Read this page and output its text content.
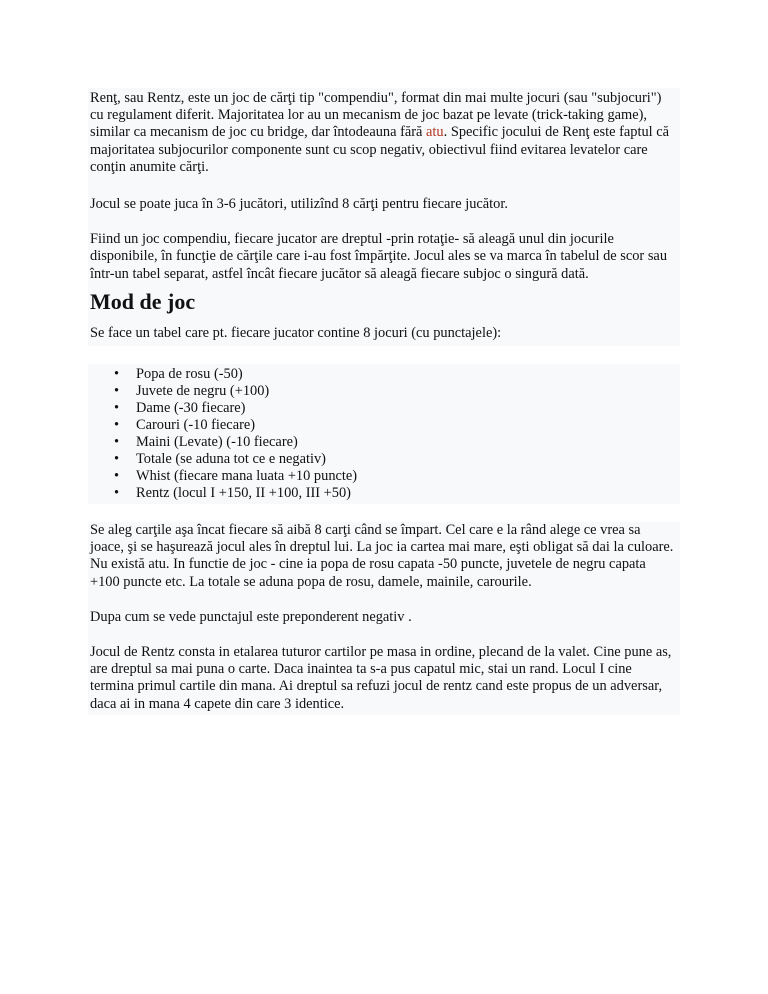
Renţ, sau Rentz, este un joc de cărţi tip "compendiu", format din mai multe jocuri (sau "subjocuri") cu regulament diferit. Majoritatea lor au un mecanism de joc bazat pe levate (trick-taking game), similar ca mecanism de joc cu bridge, dar întodeauna fără atu. Specific jocului de Renţ este faptul că majoritatea subjocurilor componente sunt cu scop negativ, obiectivul fiind evitarea levatelor care conţin anumite cărţi.

Jocul se poate juca în 3-6 jucători, utilizînd 8 cărţi pentru fiecare jucător.

Fiind un joc compendiu, fiecare jucator are dreptul -prin rotaţie- să aleagă unul din jocurile disponibile, în funcţie de cărţile care i-au fost împărţite. Jocul ales se va marca în tabelul de scor sau într-un tabel separat, astfel încât fiecare jucător să aleagă fiecare subjoc o singură dată.

Mod de joc

Se face un tabel care pt. fiecare jucator contine 8 jocuri (cu punctajele):

• Popa de rosu (-50)
• Juvete de negru (+100)
• Dame (-30 fiecare)
• Carouri (-10 fiecare)
• Maini (Levate) (-10 fiecare)
• Totale (se aduna tot ce e negativ)
• Whist (fiecare mana luata +10 puncte)
• Rentz (locul I +150, II +100, III +50)

Se aleg carţile aşa încat fiecare să aibă 8 carţi când se împart. Cel care e la rând alege ce vrea sa joace, şi se haşurează jocul ales în dreptul lui. La joc ia cartea mai mare, eşti obligat să dai la culoare. Nu există atu. In functie de joc - cine ia popa de rosu capata -50 puncte, juvetele de negru capata +100 puncte etc. La totale se aduna popa de rosu, damele, mainile, carourile.

Dupa cum se vede punctajul este preponderent negativ .

Jocul de Rentz consta in etalarea tuturor cartilor pe masa in ordine, plecand de la valet. Cine pune as, are dreptul sa mai puna o carte. Daca inaintea ta s-a pus capatul mic, stai un rand. Locul I cine termina primul cartile din mana. Ai dreptul sa refuzi jocul de rentz cand este propus de un adversar, daca ai in mana 4 capete din care 3 identice.
